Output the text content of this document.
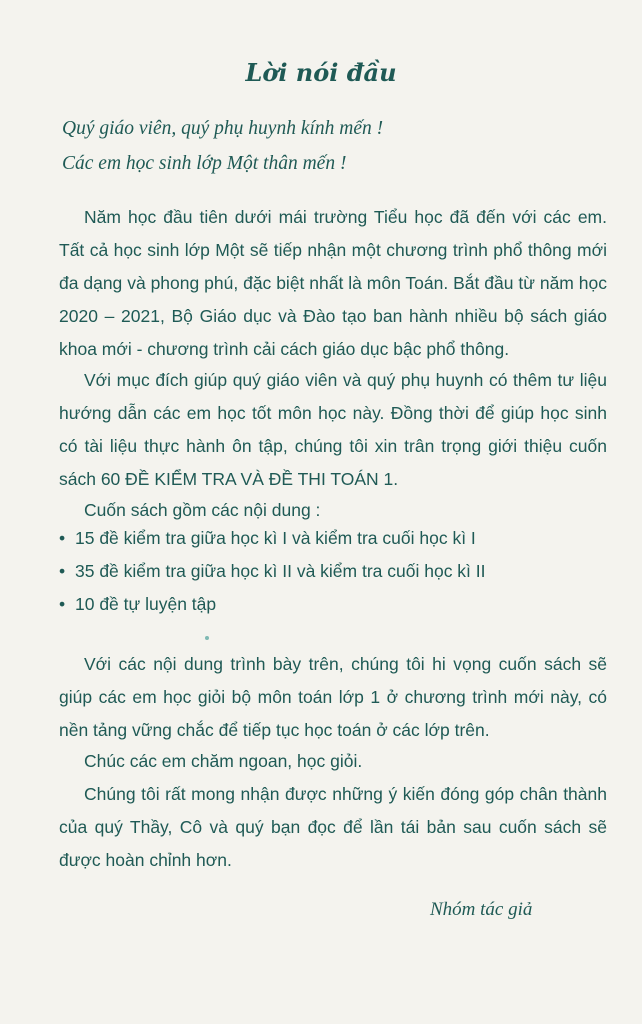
Lời nói đầu

Quý giáo viên, quý phụ huynh kính mến !

Các em học sinh lớp Một thân mến !

Năm học đầu tiên dưới mái trường Tiểu học đã đến với các em. Tất cả học sinh lớp Một sẽ tiếp nhận một chương trình phổ thông mới đa dạng và phong phú, đặc biệt nhất là môn Toán. Bắt đầu từ năm học 2020 – 2021, Bộ Giáo dục và Đào tạo ban hành nhiều bộ sách giáo khoa mới - chương trình cải cách giáo dục bậc phổ thông.

Với mục đích giúp quý giáo viên và quý phụ huynh có thêm tư liệu hướng dẫn các em học tốt môn học này. Đồng thời để giúp học sinh có tài liệu thực hành ôn tập, chúng tôi xin trân trọng giới thiệu cuốn sách 60 ĐỀ KIỂM TRA VÀ ĐỀ THI TOÁN 1.

Cuốn sách gồm các nội dung :

• 15 đề kiểm tra giữa học kì I và kiểm tra cuối học kì I

• 35 đề kiểm tra giữa học kì II và kiểm tra cuối học kì II

• 10 đề tự luyện tập

Với các nội dung trình bày trên, chúng tôi hi vọng cuốn sách sẽ giúp các em học giỏi bộ môn toán lớp 1 ở chương trình mới này, có nền tảng vững chắc để tiếp tục học toán ở các lớp trên.

Chúc các em chăm ngoan, học giỏi.

Chúng tôi rất mong nhận được những ý kiến đóng góp chân thành của quý Thầy, Cô và quý bạn đọc để lần tái bản sau cuốn sách sẽ được hoàn chỉnh hơn.

Nhóm tác giả
